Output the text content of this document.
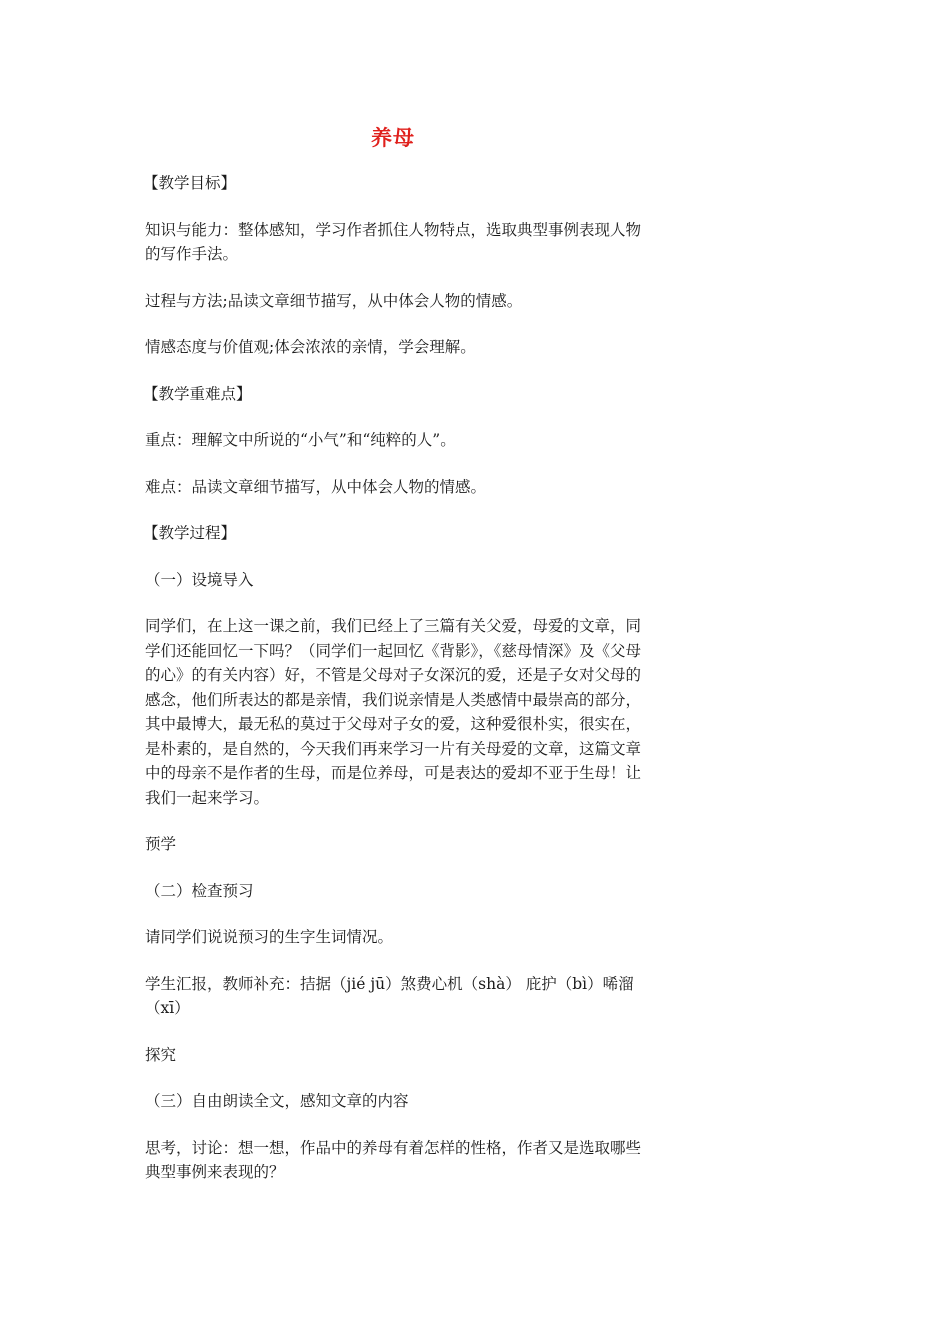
养母

【教学目标】

知识与能力：整体感知，学习作者抓住人物特点，选取典型事例表现人物的写作手法。

过程与方法;品读文章细节描写，从中体会人物的情感。

情感态度与价值观;体会浓浓的亲情，学会理解。

【教学重难点】

重点：理解文中所说的“小气”和“纯粹的人”。

难点：品读文章细节描写，从中体会人物的情感。

【教学过程】

（一）设境导入

同学们，在上这一课之前，我们已经上了三篇有关父爱，母爱的文章，同学们还能回忆一下吗？（同学们一起回忆《背影》，《慈母情深》及《父母的心》的有关内容）好，不管是父母对子女深沉的爱，还是子女对父母的感念，他们所表达的都是亲情，我们说亲情是人类感情中最崇高的部分，其中最博大，最无私的莫过于父母对子女的爱，这种爱很朴实，很实在，是朴素的，是自然的，今天我们再来学习一片有关母爱的文章，这篇文章中的母亲不是作者的生母，而是位养母，可是表达的爱却不亚于生母！让我们一起来学习。

预学

（二）检查预习

请同学们说说预习的生字生词情况。

学生汇报，教师补充：拮据（jié jū）煞费心机（shà） 庇护（bì）唏溜（xī）

探究

（三）自由朗读全文，感知文章的内容

思考，讨论：想一想，作品中的养母有着怎样的性格，作者又是选取哪些典型事例来表现的？
